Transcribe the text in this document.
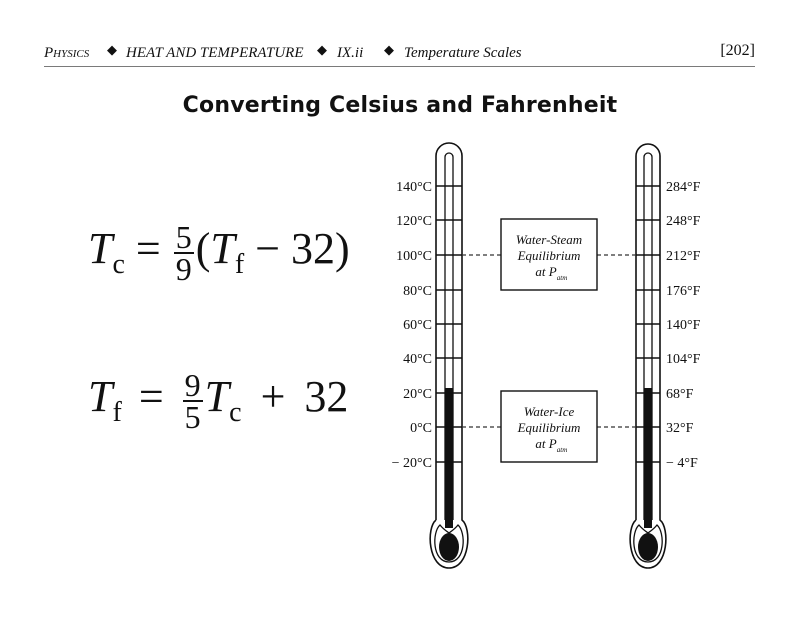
Physics ◆ HEAT AND TEMPERATURE ◆ IX.ii ◆ Temperature Scales	[202]
Converting Celsius and Fahrenheit
$T_c = \frac{5}{9} (T_f - 32)$
$T_f = \frac{9}{5} T_c + 32$
Water-Steam
Equilibrium
at P atm
Water-Ice
Equilibrium
at P atm
140°C
120°C
100°C
80°C
60°C
40°C
20°C
0°C
− 20°C
284°F
248°F
212°F
176°F
140°F
104°F
68°F
32°F
− 4°F
